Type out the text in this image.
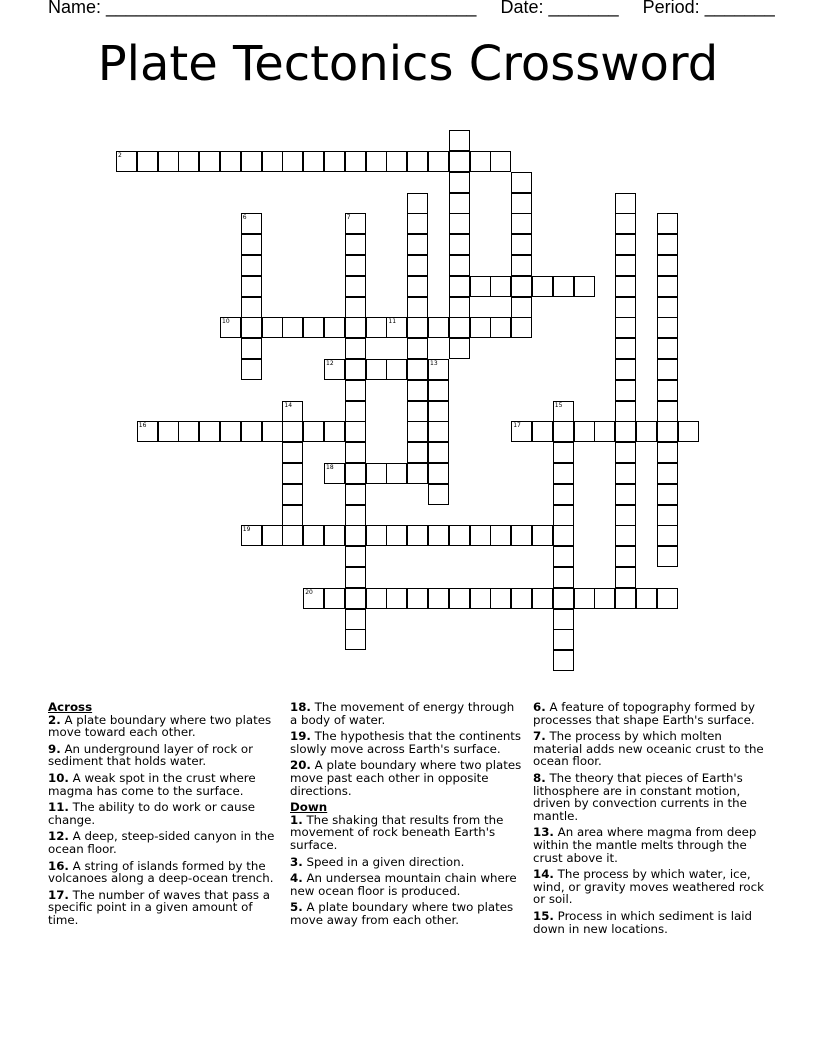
Name: _____________________________________ Date: _______ Period: _______
Plate Tectonics Crossword
2
6	7
10	11
12	13
14	15
16	17
18
19
20
Across
2. A plate boundary where two plates move toward each other.
9. An underground layer of rock or sediment that holds water.
10. A weak spot in the crust where magma has come to the surface.
11. The ability to do work or cause change.
12. A deep, steep-sided canyon in the ocean floor.
16. A string of islands formed by the volcanoes along a deep-ocean trench.
17. The number of waves that pass a specific point in a given amount of time.
18. The movement of energy through a body of water.
19. The hypothesis that the continents slowly move across Earth's surface.
20. A plate boundary where two plates move past each other in opposite directions.
Down
1. The shaking that results from the movement of rock beneath Earth's surface.
3. Speed in a given direction.
4. An undersea mountain chain where new ocean floor is produced.
5. A plate boundary where two plates move away from each other.
6. A feature of topography formed by processes that shape Earth's surface.
7. The process by which molten material adds new oceanic crust to the ocean floor.
8. The theory that pieces of Earth's lithosphere are in constant motion, driven by convection currents in the mantle.
13. An area where magma from deep within the mantle melts through the crust above it.
14. The process by which water, ice, wind, or gravity moves weathered rock or soil.
15. Process in which sediment is laid down in new locations.
